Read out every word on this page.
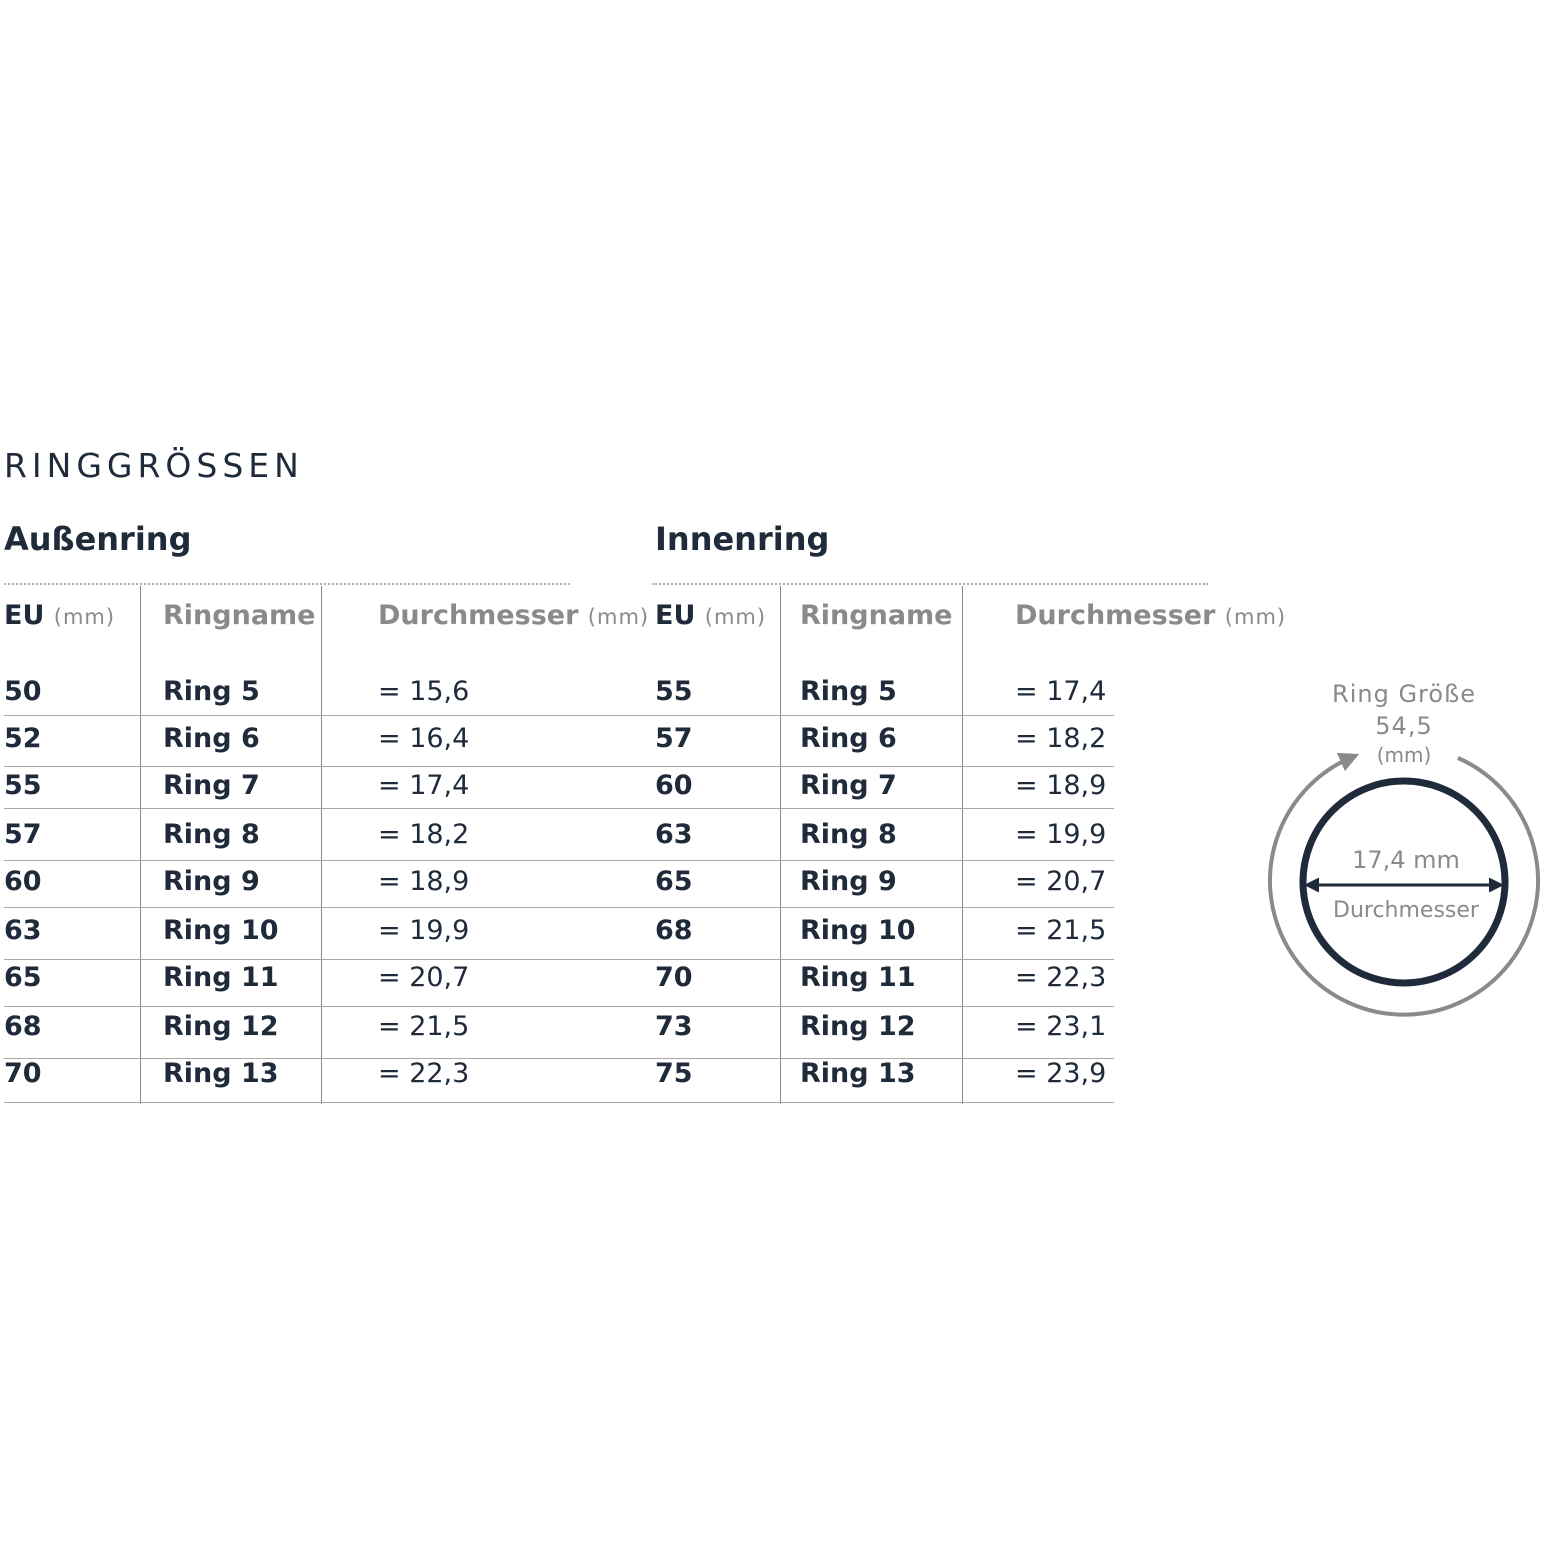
RINGGRÖSSEN
Außenring	Innenring
EU (mm) Ringname Durchmesser (mm) EU (mm) Ringname Durchmesser (mm)
50	Ring 5	= 15,6
52	Ring 6	= 16,4
55	Ring 7	= 17,4
57	Ring 8	= 18,2
60	Ring 9	= 18,9
63	Ring 10	= 19,9
65	Ring 11	= 20,7
68	Ring 12	= 21,5
70	Ring 13	= 22,3
55	Ring 5	= 17,4
57	Ring 6	= 18,2
60	Ring 7	= 18,9
63	Ring 8	= 19,9
65	Ring 9	= 20,7
68	Ring 10	= 21,5
70	Ring 11	= 22,3
73	Ring 12	= 23,1
75	Ring 13	= 23,9
Ring Größe
54,5
(mm)
17,4 mm
Durchmesser
